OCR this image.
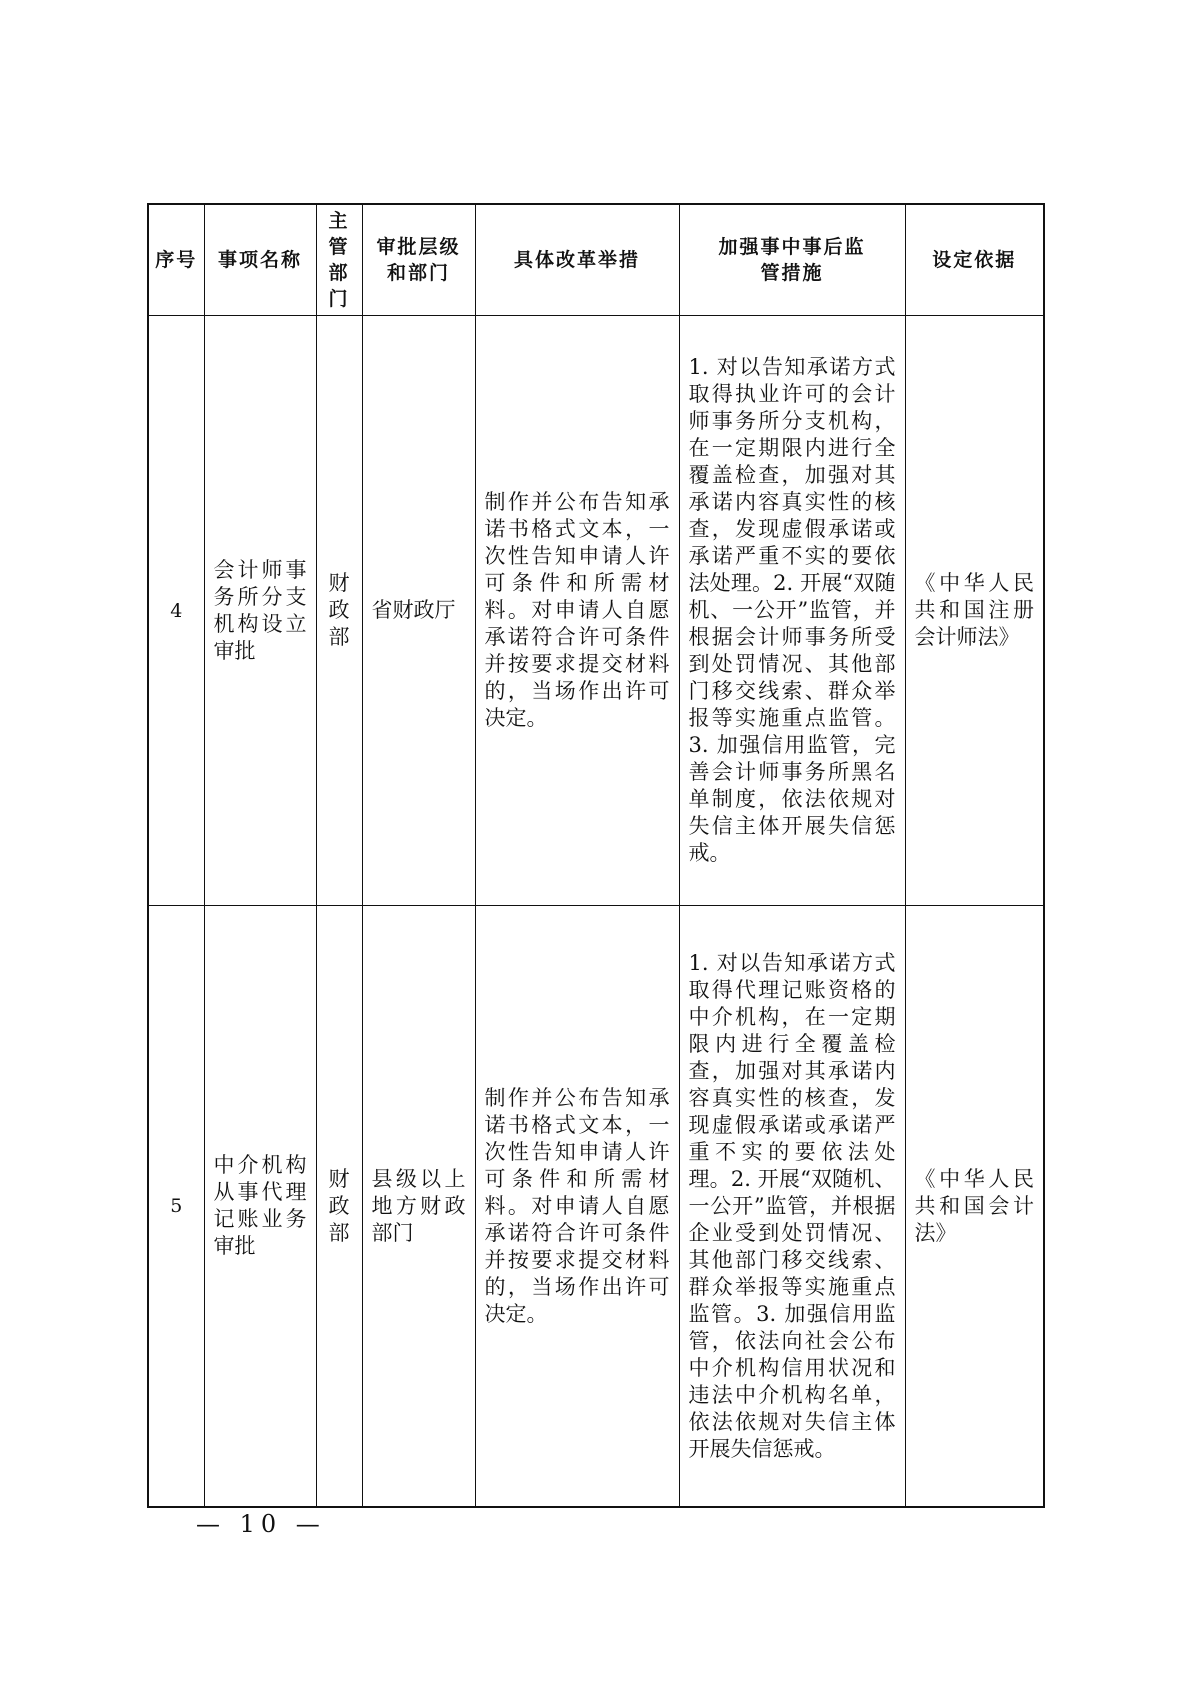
序号	事项名称	主管部门	审批层级和部门	具体改革举措	加强事中事后监管措施	设定依据
4	会计师事务所分支机构设立审批	财政部	省财政厅	制作并公布告知承诺书格式文本，一次性告知申请人许可条件和所需材料。对申请人自愿承诺符合许可条件并按要求提交材料的，当场作出许可决定。	1. 对以告知承诺方式取得执业许可的会计师事务所分支机构，在一定期限内进行全覆盖检查，加强对其承诺内容真实性的核查，发现虚假承诺或承诺严重不实的要依法处理。2. 开展“双随机、一公开”监管，并根据会计师事务所受到处罚情况、其他部门移交线索、群众举报等实施重点监管。3. 加强信用监管，完善会计师事务所黑名单制度，依法依规对失信主体开展失信惩戒。	《中华人民共和国注册会计师法》
5	中介机构从事代理记账业务审批	财政部	县级以上地方财政部门	制作并公布告知承诺书格式文本，一次性告知申请人许可条件和所需材料。对申请人自愿承诺符合许可条件并按要求提交材料的，当场作出许可决定。	1. 对以告知承诺方式取得代理记账资格的中介机构，在一定期限内进行全覆盖检查，加强对其承诺内容真实性的核查，发现虚假承诺或承诺严重不实的要依法处理。2. 开展“双随机、一公开”监管，并根据企业受到处罚情况、其他部门移交线索、群众举报等实施重点监管。3. 加强信用监管，依法向社会公布中介机构信用状况和违法中介机构名单，依法依规对失信主体开展失信惩戒。	《中华人民共和国会计法》
— 10 —
